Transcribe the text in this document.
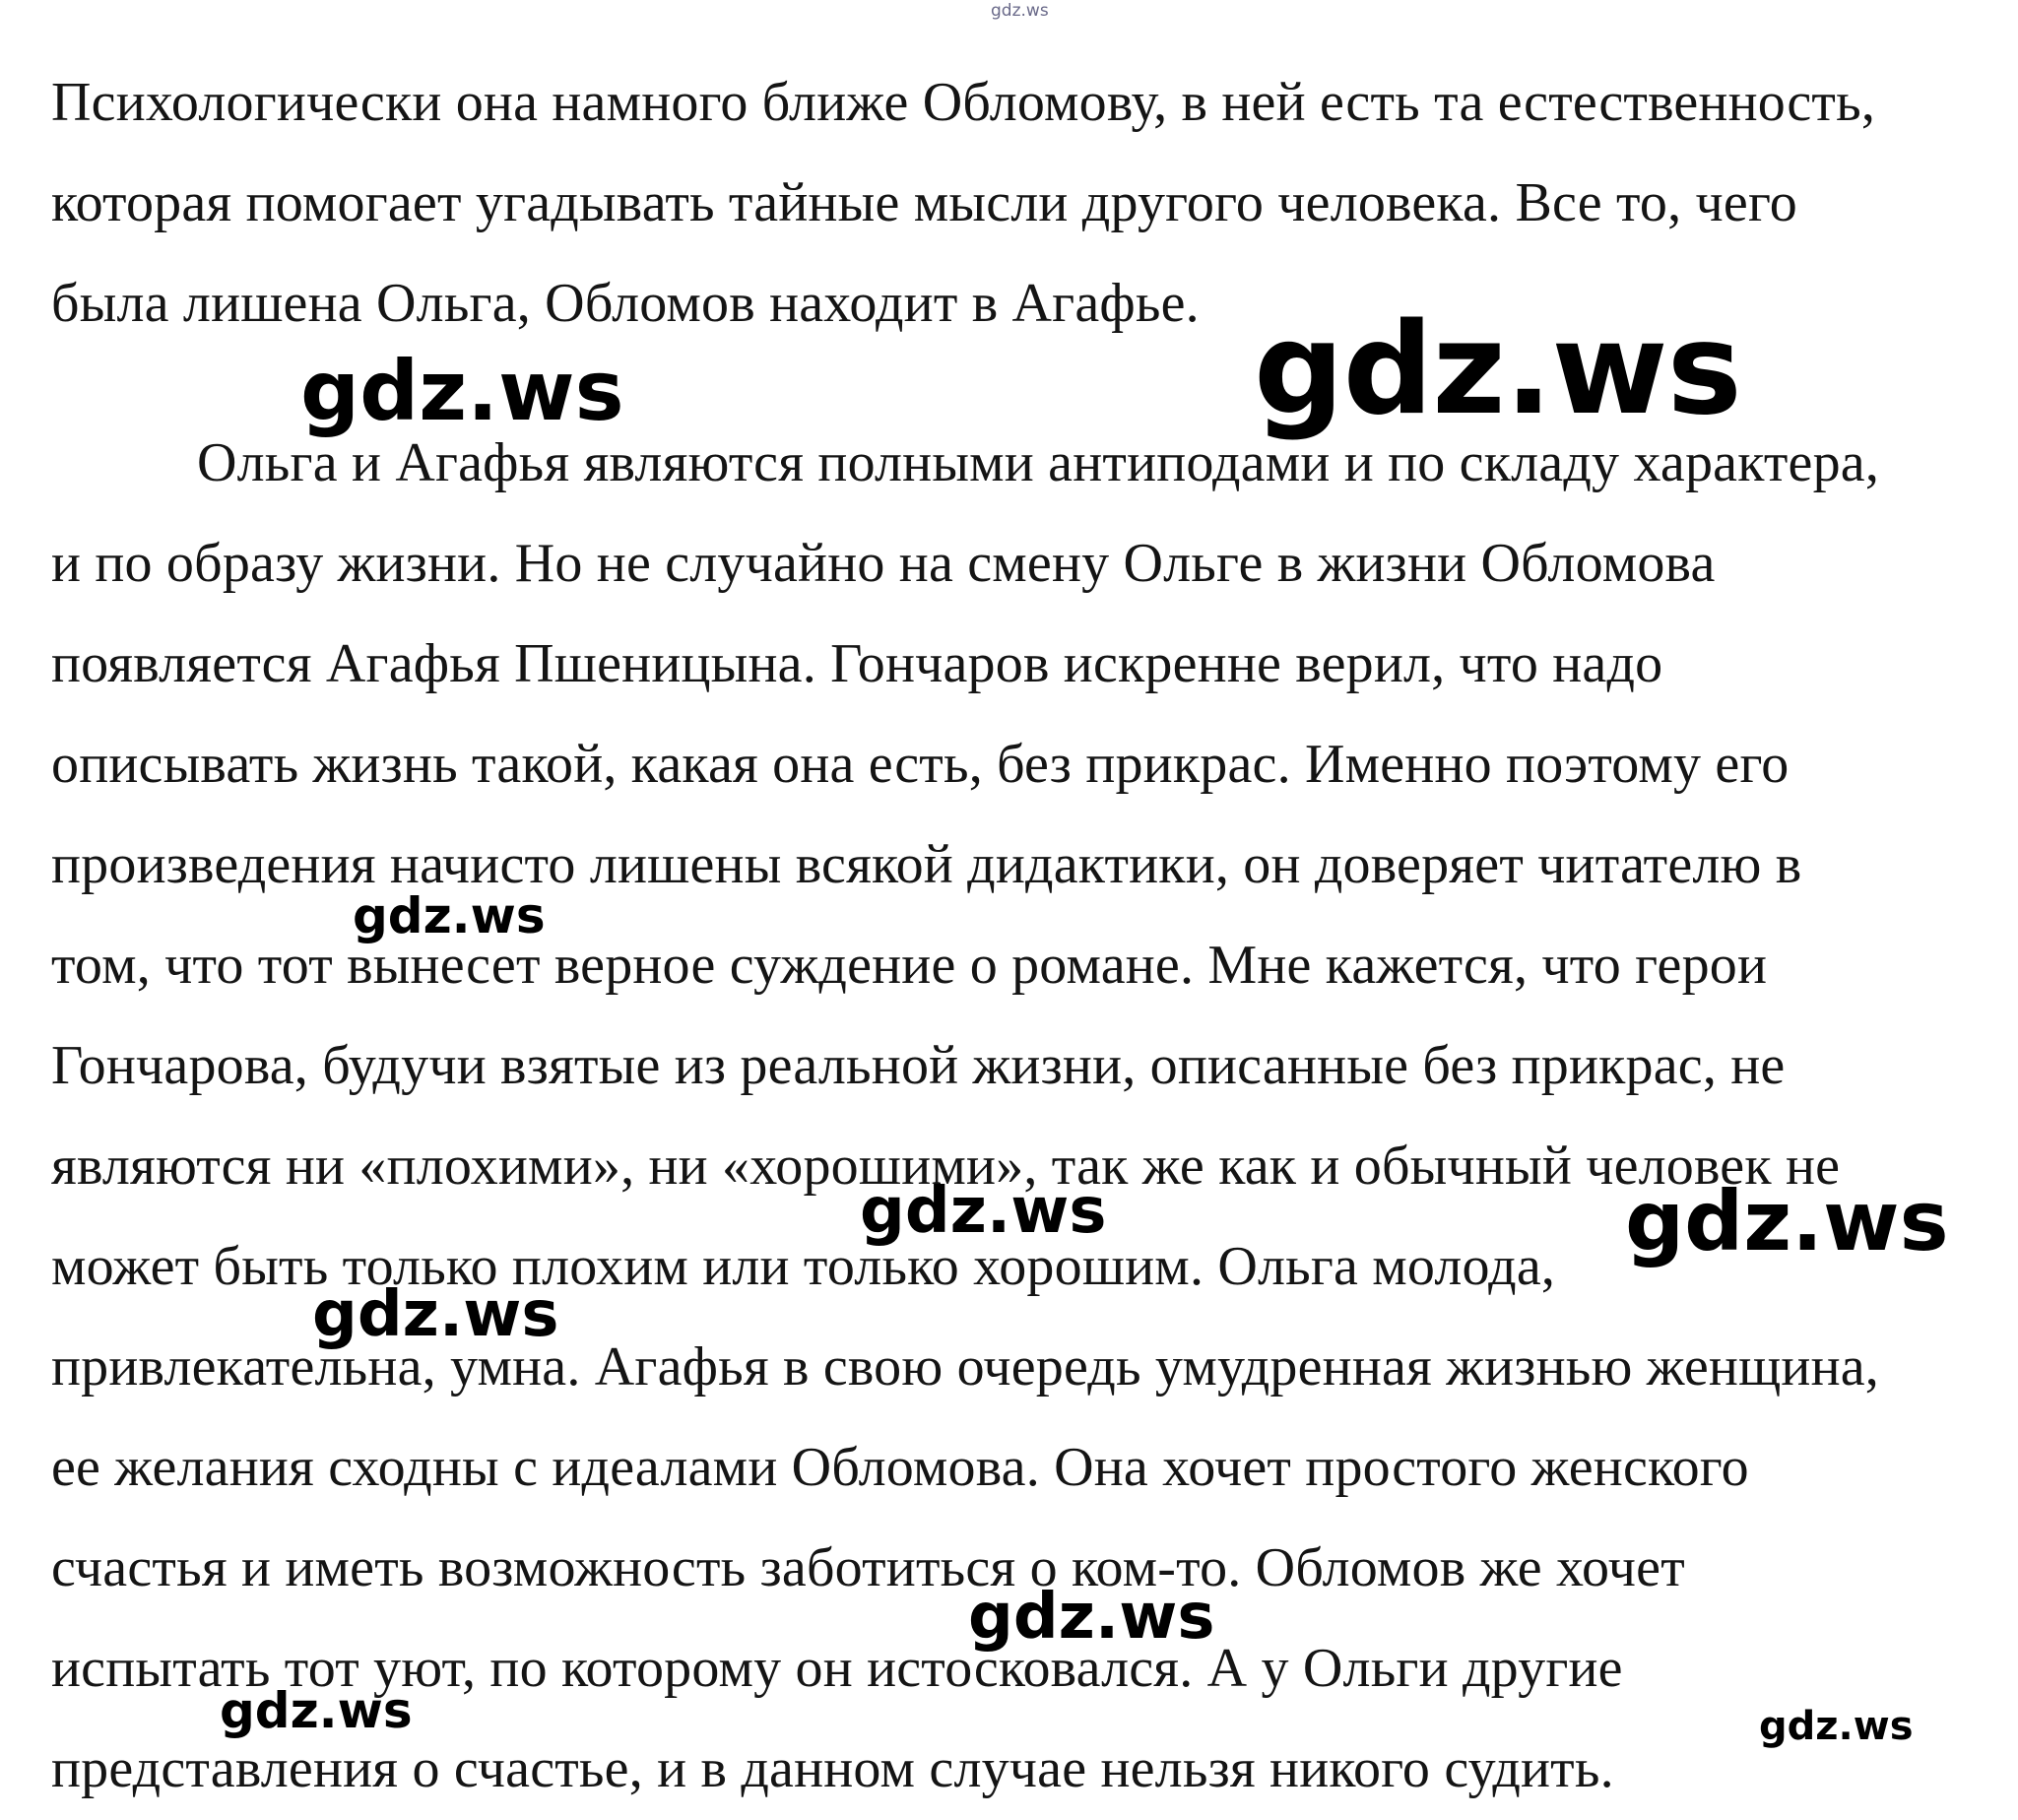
Психологически она намного ближе Обломову, в ней есть та естественность,
которая помогает угадывать тайные мысли другого человека. Все то, чего
была лишена Ольга, Обломов находит в Агафье.
Ольга и Агафья являются полными антиподами и по складу характера,
и по образу жизни. Но не случайно на смену Ольге в жизни Обломова
появляется Агафья Пшеницына. Гончаров искренне верил, что надо
описывать жизнь такой, какая она есть, без прикрас. Именно поэтому его
произведения начисто лишены всякой дидактики, он доверяет читателю в
том, что тот вынесет верное суждение о романе. Мне кажется, что герои
Гончарова, будучи взятые из реальной жизни, описанные без прикрас, не
являются ни «плохими», ни «хорошими», так же как и обычный человек не
может быть только плохим или только хорошим. Ольга молода,
привлекательна, умна. Агафья в свою очередь умудренная жизнью женщина,
ее желания сходны с идеалами Обломова. Она хочет простого женского
счастья и иметь возможность заботиться о ком-то. Обломов же хочет
испытать тот уют, по которому он истосковался. А у Ольги другие
представления о счастье, и в данном случае нельзя никого судить.
gdz.ws
gdz.ws	gdz.ws
gdz.ws
gdz.ws	gdz.ws
gdz.ws
gdz.ws
gdz.ws	gdz.ws
